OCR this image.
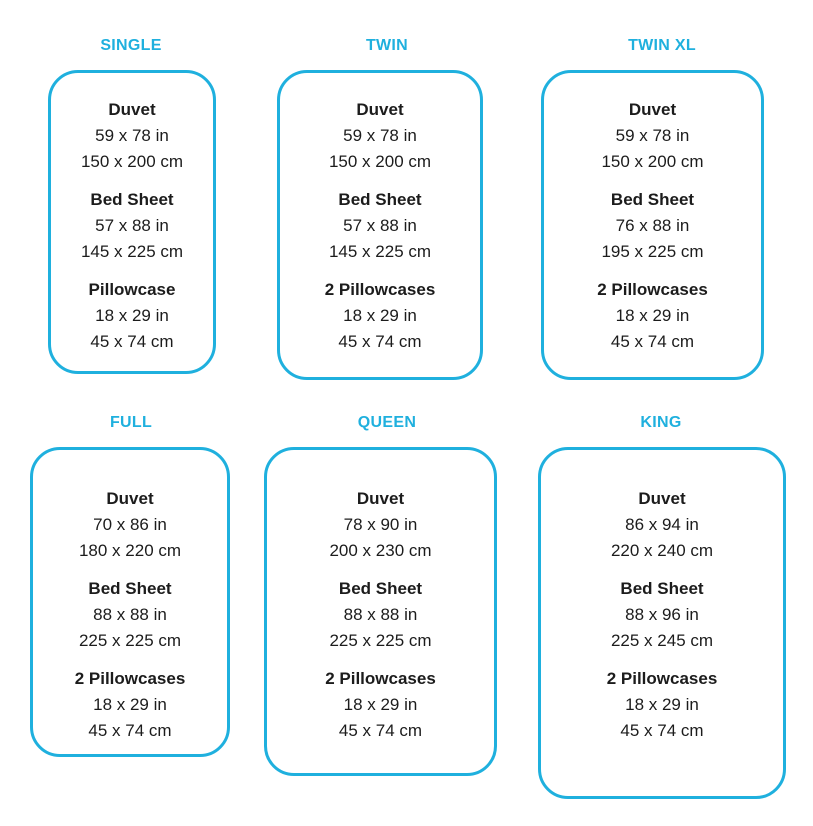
SINGLE
Duvet
59 x 78 in
150 x 200 cm
Bed Sheet
57 x 88 in
145 x 225 cm
Pillowcase
18 x 29 in
45 x 74 cm
TWIN
Duvet
59 x 78 in
150 x 200 cm
Bed Sheet
57 x 88 in
145 x 225 cm
2 Pillowcases
18 x 29 in
45 x 74 cm
TWIN XL
Duvet
59 x 78 in
150 x 200 cm
Bed Sheet
76 x 88 in
195 x 225 cm
2 Pillowcases
18 x 29 in
45 x 74 cm
FULL
Duvet
70 x 86 in
180 x 220 cm
Bed Sheet
88 x 88 in
225 x 225 cm
2 Pillowcases
18 x 29 in
45 x 74 cm
QUEEN
Duvet
78 x 90 in
200 x 230 cm
Bed Sheet
88 x 88 in
225 x 225 cm
2 Pillowcases
18 x 29 in
45 x 74 cm
KING
Duvet
86 x 94 in
220 x 240 cm
Bed Sheet
88 x 96 in
225 x 245 cm
2 Pillowcases
18 x 29 in
45 x 74 cm
